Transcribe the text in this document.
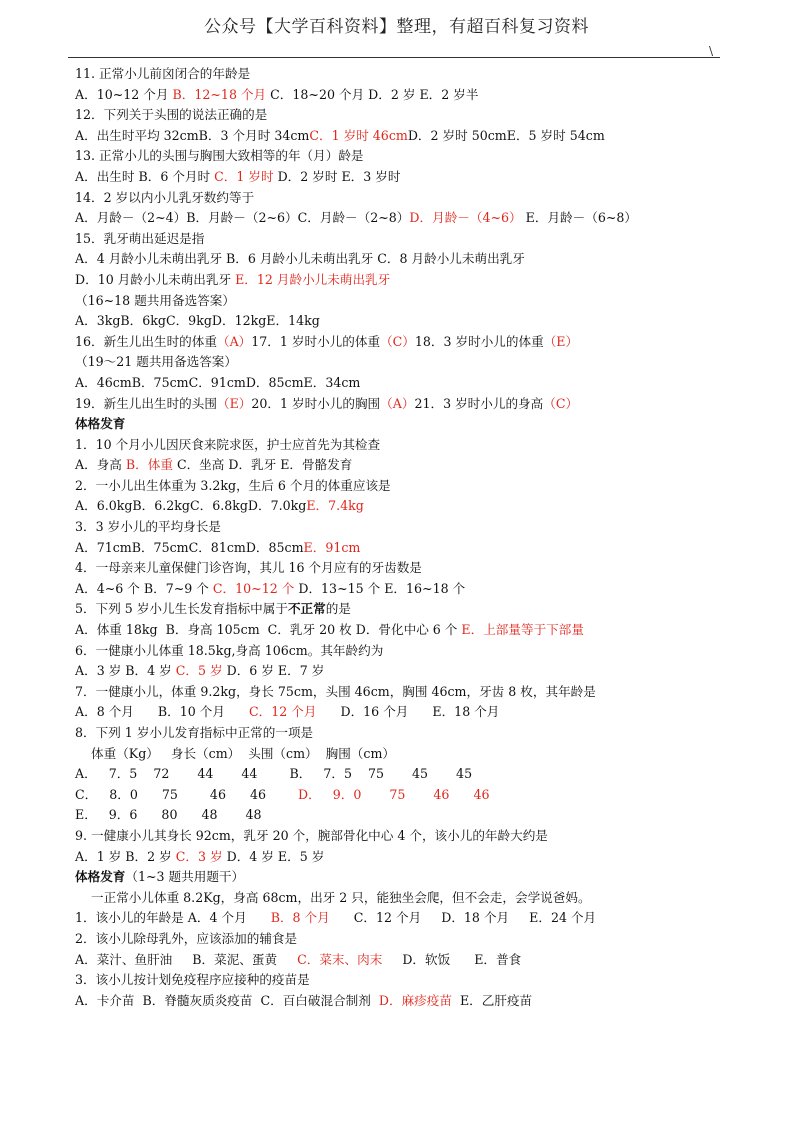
公众号【大学百科资料】整理，有超百科复习资料
\
11. 正常小儿前囟闭合的年龄是
A．10~12 个月 B．12~18 个月 C．18~20 个月 D．2 岁 E．2 岁半
12．下列关于头围的说法正确的是
A．出生时平均 32cmB．3 个月时 34cmC．1 岁时 46cmD．2 岁时 50cmE．5 岁时 54cm
13. 正常小儿的头围与胸围大致相等的年（月）龄是
A．出生时 B．6 个月时 C．1 岁时 D．2 岁时 E．3 岁时
14．2 岁以内小儿乳牙数约等于
A．月龄－（2~4）B．月龄－（2~6）C．月龄－（2~8）D．月龄－（4~6） E．月龄－（6~8）
15．乳牙萌出延迟是指
A．4 月龄小儿未萌出乳牙 B．6 月龄小儿未萌出乳牙 C．8 月龄小儿未萌出乳牙
D．10 月龄小儿未萌出乳牙 E．12 月龄小儿未萌出乳牙
（16~18 题共用备选答案）
A．3kgB．6kgC．9kgD．12kgE．14kg
16．新生儿出生时的体重（A）17．1 岁时小儿的体重（C）18．3 岁时小儿的体重（E）
（19～21 题共用备选答案）
A．46cmB．75cmC．91cmD．85cmE．34cm
19．新生儿出生时的头围（E）20．1 岁时小儿的胸围（A）21．3 岁时小儿的身高（C）
体格发育
1．10 个月小儿因厌食来院求医，护士应首先为其检查
A．身高 B．体重 C．坐高 D．乳牙 E．骨骼发育
2．一小儿出生体重为 3.2kg，生后 6 个月的体重应该是
A．6.0kgB．6.2kgC．6.8kgD．7.0kgE．7.4kg
3．3 岁小儿的平均身长是
A．71cmB．75cmC．81cmD．85cmE．91cm
4．一母亲来儿童保健门诊咨询，其儿 16 个月应有的牙齿数是
A．4~6 个 B．7~9 个 C．10~12 个 D．13~15 个 E．16~18 个
5．下列 5 岁小儿生长发育指标中属于不正常的是
A．体重 18kg  B．身高 105cm  C．乳牙 20 枚 D．骨化中心 6 个 E．上部量等于下部量
6．一健康小儿体重 18.5kg,身高 106cm。其年龄约为
A．3 岁 B．4 岁 C．5 岁 D．6 岁 E．7 岁
7．一健康小儿，体重 9.2kg，身长 75cm，头围 46cm，胸围 46cm，牙齿 8 枚，其年龄是
A．8 个月      B．10 个月      C．12 个月      D．16 个月      E．18 个月
8．下列 1 岁小儿发育指标中正常的一项是
体重（Kg）   身长（cm）  头围（cm）  胸围（cm）
A．   7．5    72       44       44        B．   7．5    75       45       45
C．   8．0      75        46      46        D．   9．0       75       46      46
E．   9．6      80      48       48
9. 一健康小儿其身长 92cm，乳牙 20 个，腕部骨化中心 4 个，该小儿的年龄大约是
A．1 岁 B．2 岁 C．3 岁 D．4 岁 E．5 岁
体格发育（1~3 题共用题干）
一正常小儿体重 8.2Kg，身高 68cm，出牙 2 只，能独坐会爬，但不会走，会学说爸妈。
1．该小儿的年龄是 A．4 个月      B．8 个月      C．12 个月     D．18 个月     E．24 个月
2．该小儿除母乳外，应该添加的辅食是
A．菜汁、鱼肝油     B．菜泥、蛋黄     C．菜末、肉末     D．软饭      E．普食
3．该小儿按计划免疫程序应接种的疫苗是
A．卡介苗  B．脊髓灰质炎疫苗  C．百白破混合制剂  D．麻疹疫苗  E．乙肝疫苗
